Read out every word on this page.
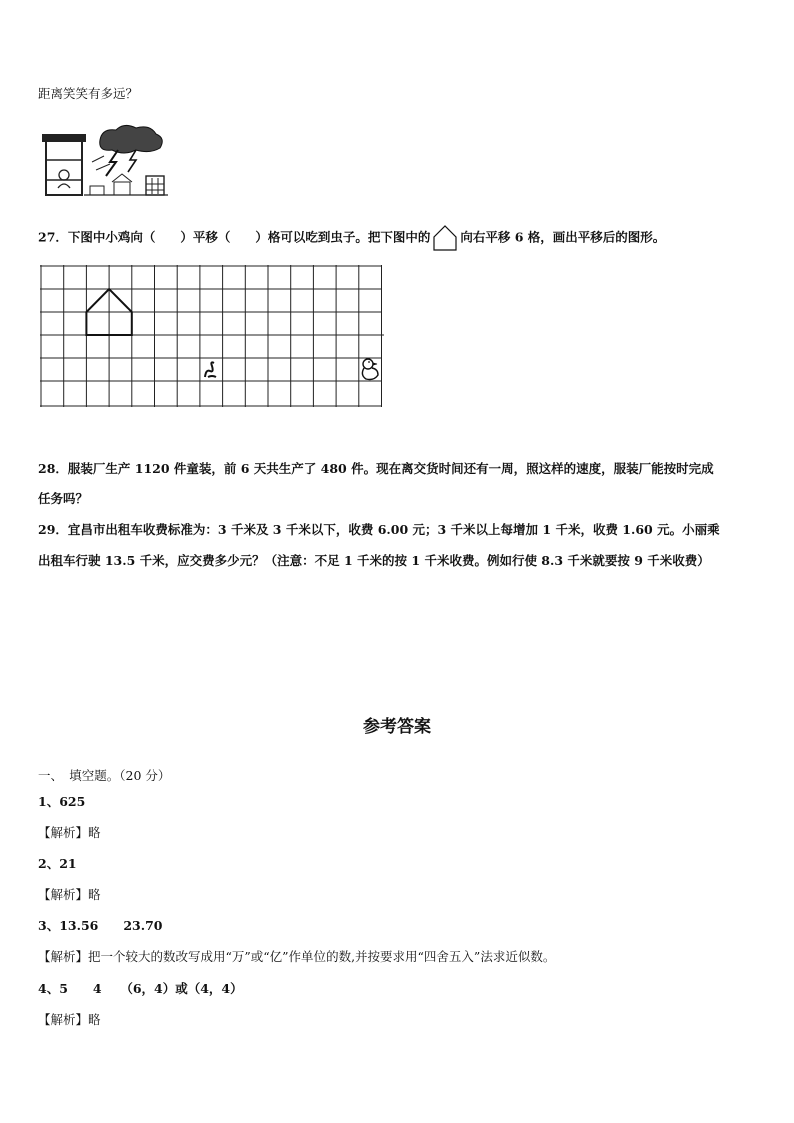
距离笑笑有多远？
27．下图中小鸡向（　　）平移（　　）格可以吃到虫子。把下图中的 向右平移 6 格，画出平移后的图形。
28．服装厂生产 1120 件童装，前 6 天共生产了 480 件。现在离交货时间还有一周，照这样的速度，服装厂能按时完成
任务吗？
29．宜昌市出租车收费标准为：3 千米及 3 千米以下，收费 6.00 元；3 千米以上每增加 1 千米，收费 1.60 元。小丽乘
出租车行驶 13.5 千米，应交费多少元？（注意：不足 1 千米的按 1 千米收费。例如行使 8.3 千米就要按 9 千米收费）
参考答案
一、　填空题。（20 分）
1、625
【解析】略
2、21
【解析】略
3、13.56　　23.70
【解析】把一个较大的数改写成用“万”或“亿”作单位的数,并按要求用“四舍五入”法求近似数。
4、5　　4　　（6，4）或（4，4）
【解析】略
